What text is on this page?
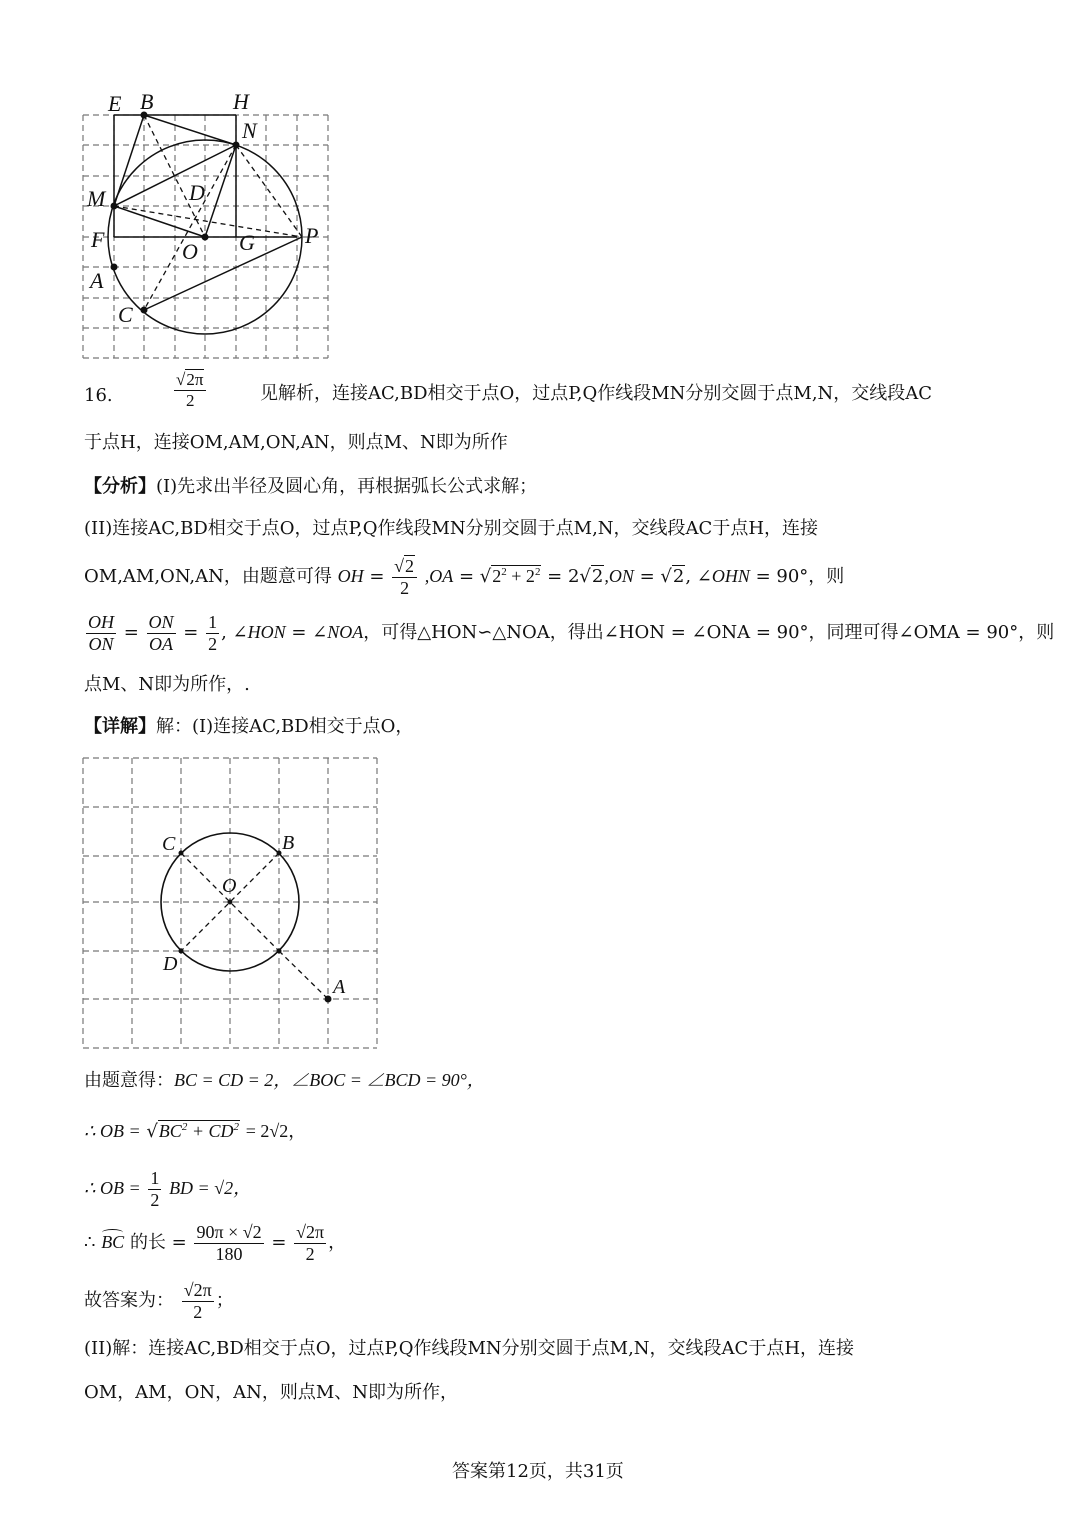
E B	H
N
M	D
F	O G P
A
C
16.	$\frac{√2\pi}{2}$	见解析，连接AC,BD相交于点O，过点P,Q作线段MN分别交圆于点M,N，交线段AC
于点H，连接OM,AM,ON,AN，则点M、N即为所作
【分析】(I)先求出半径及圆心角，再根据弧长公式求解；
(II)连接AC,BD相交于点O，过点P,Q作线段MN分别交圆于点M,N，交线段AC于点H，连接
OM,AM,ON,AN，由题意可得 OH = $\frac{√2}{2} ,OA = √2^2 + 2^2 = 2√2,ON = √2$, ∠OHN = 90°，则
$\frac{OH}{ON} = \frac{ON}{OA} = \frac{1}{2}$ , ∠HON = ∠NOA，可得△HON∽△NOA，得出∠HON = ∠ONA = 90°，同理可得∠OMA = 90°，则
点M、N即为所作，.
【详解】解：(I)连接AC,BD相交于点O，
C	B
O
D
A
由题意得：BC = CD = 2，∠BOC = ∠BCD = 90°，
∴ OB = $√BC^2 + CD^2 = 2√2$，
∴ OB = $\frac{1}{2}$ BD = √2，
∴ BC 的长 = $\frac{90\pi \times √2}{180} = \frac{√2\pi}{2}$ ，
故答案为： $\frac{√2\pi}{2}$ ；
(II)解：连接AC,BD相交于点O，过点P,Q作线段MN分别交圆于点M,N，交线段AC于点H，连接
OM，AM，ON，AN，则点M、N即为所作，
答案第12页，共31页
